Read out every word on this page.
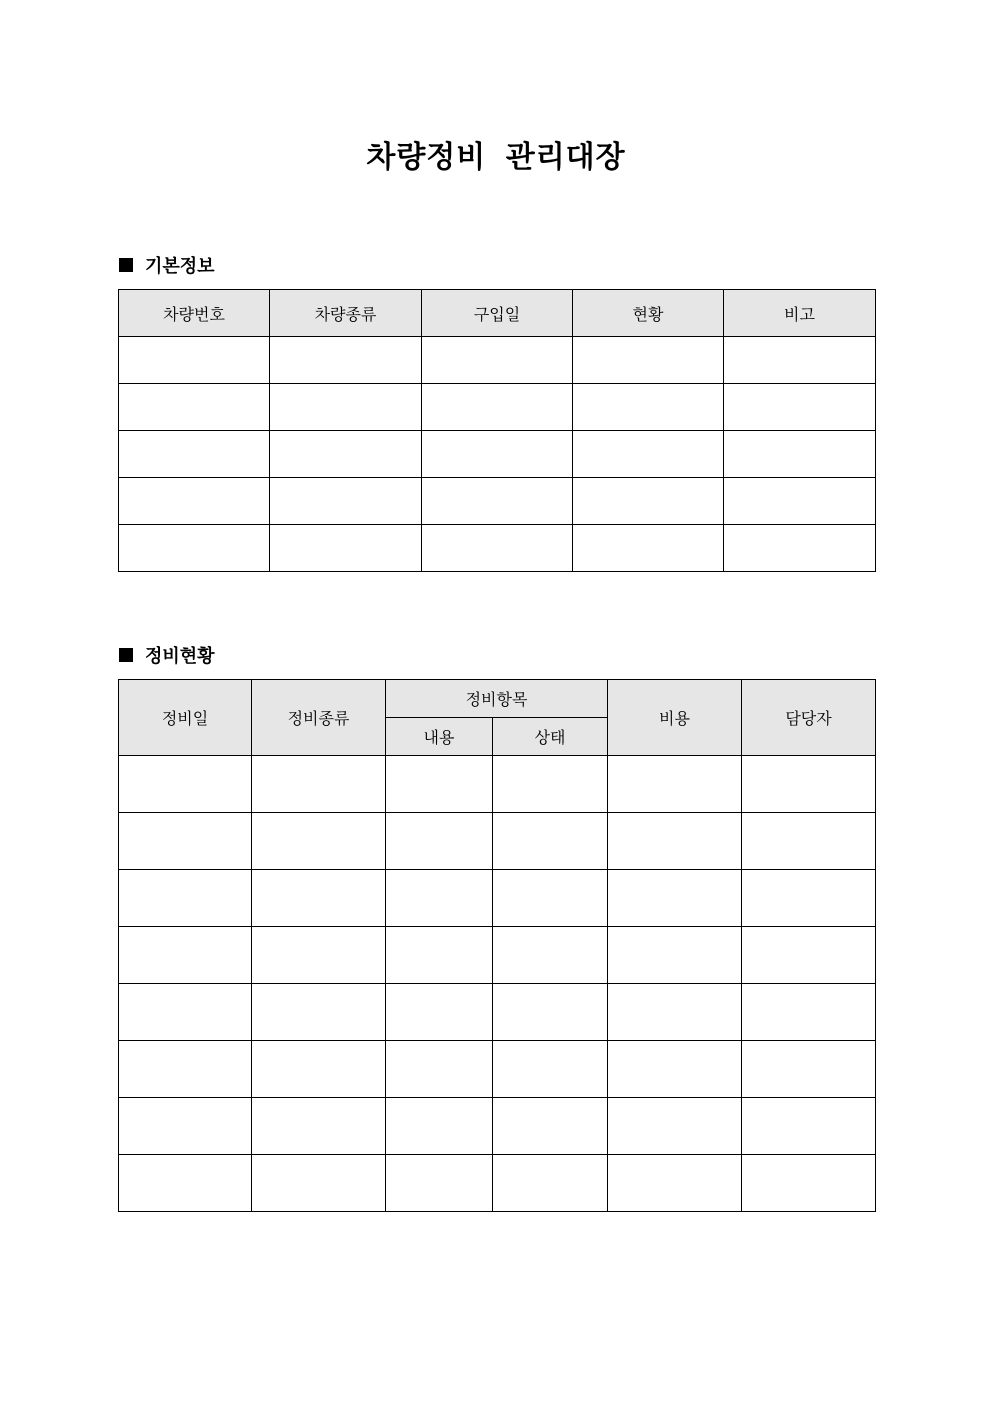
차량정비 관리대장
기본정보
차량번호	차량종류	구입일	현황	비고

정비현황
정비일	정비종류	정비항목		비용	담당자
		내용	상태		
